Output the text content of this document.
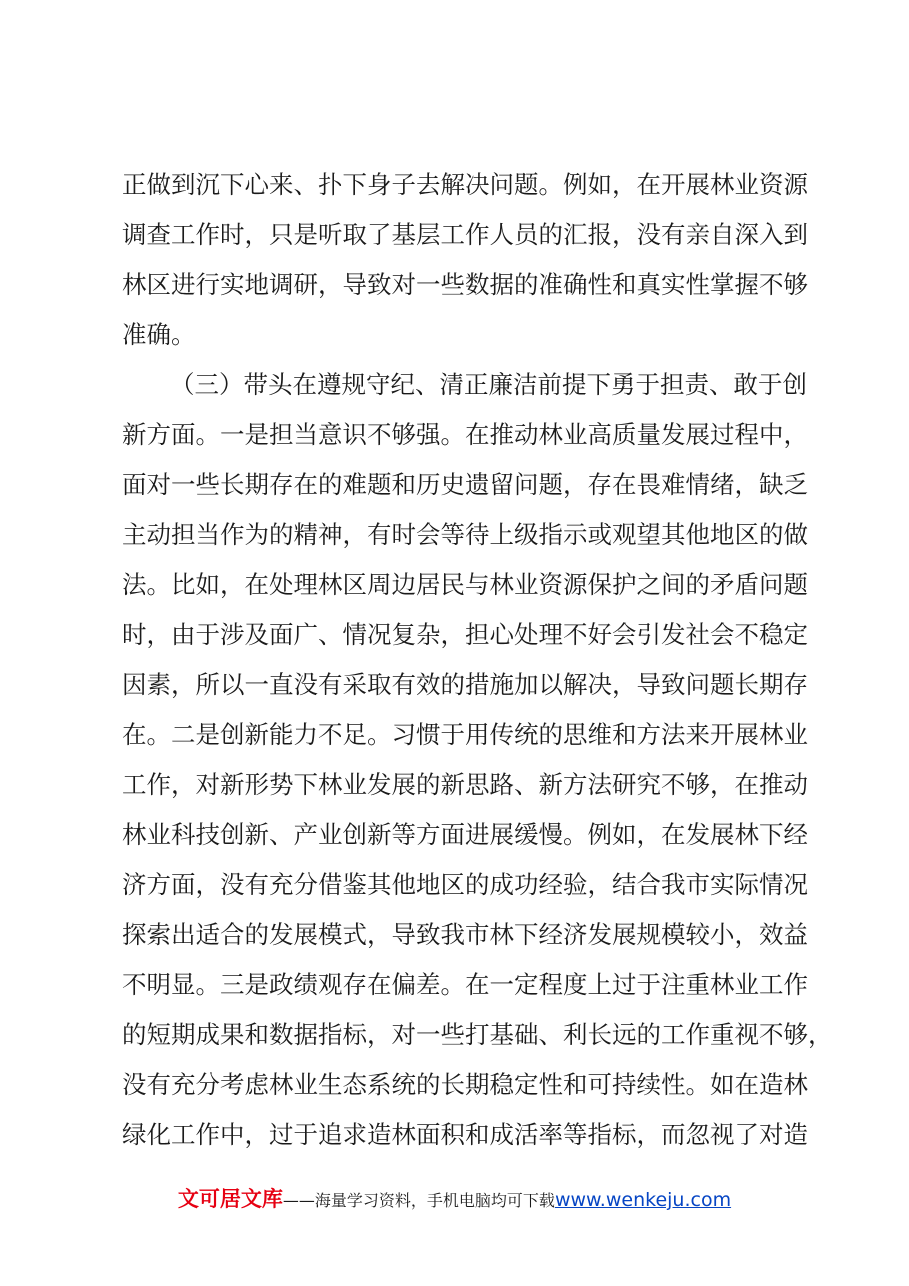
正做到沉下心来、扑下身子去解决问题。例如，在开展林业资源
调查工作时，只是听取了基层工作人员的汇报，没有亲自深入到
林区进行实地调研，导致对一些数据的准确性和真实性掌握不够
准确。
（三）带头在遵规守纪、清正廉洁前提下勇于担责、敢于创
新方面。一是担当意识不够强。在推动林业高质量发展过程中，
面对一些长期存在的难题和历史遗留问题，存在畏难情绪，缺乏
主动担当作为的精神，有时会等待上级指示或观望其他地区的做
法。比如，在处理林区周边居民与林业资源保护之间的矛盾问题
时，由于涉及面广、情况复杂，担心处理不好会引发社会不稳定
因素，所以一直没有采取有效的措施加以解决，导致问题长期存
在。二是创新能力不足。习惯于用传统的思维和方法来开展林业
工作，对新形势下林业发展的新思路、新方法研究不够，在推动
林业科技创新、产业创新等方面进展缓慢。例如，在发展林下经
济方面，没有充分借鉴其他地区的成功经验，结合我市实际情况
探索出适合的发展模式，导致我市林下经济发展规模较小，效益
不明显。三是政绩观存在偏差。在一定程度上过于注重林业工作
的短期成果和数据指标，对一些打基础、利长远的工作重视不够，
没有充分考虑林业生态系统的长期稳定性和可持续性。如在造林
绿化工作中，过于追求造林面积和成活率等指标，而忽视了对造
文可居文库——海量学习资料，手机电脑均可下载www.wenkeju.com
